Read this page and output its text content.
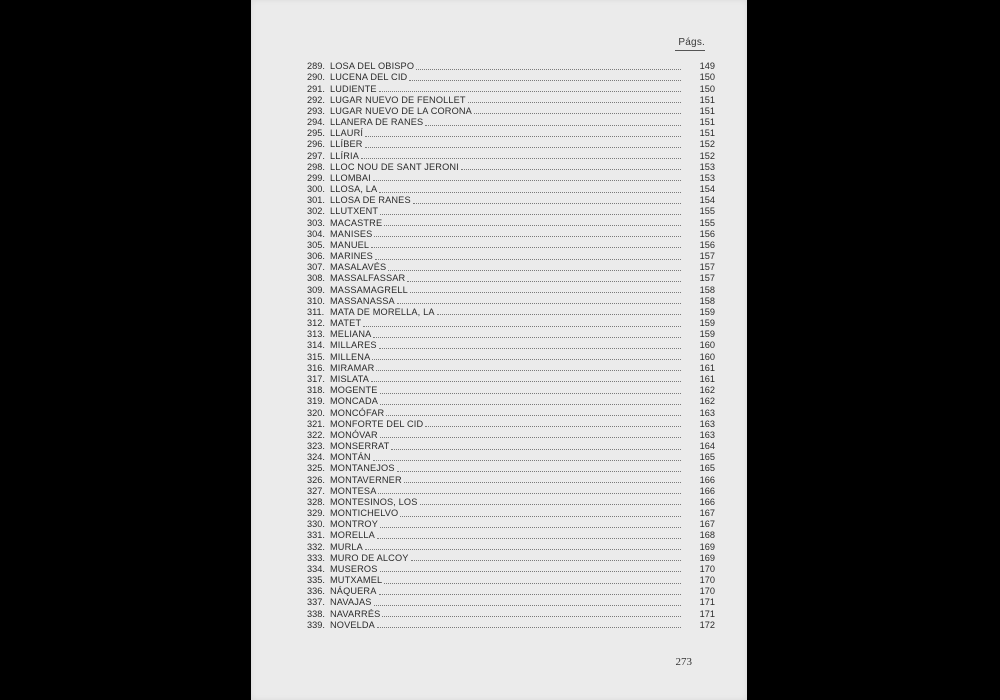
Págs.
289. LOSA DEL OBISPO	149
290. LUCENA DEL CID	150
291. LUDIENTE	150
292. LUGAR NUEVO DE FENOLLET	151
293. LUGAR NUEVO DE LA CORONA	151
294. LLANERA DE RANES	151
295. LLAURÍ	151
296. LLÍBER	152
297. LLÍRIA	152
298. LLOC NOU DE SANT JERONI	153
299. LLOMBAI	153
300. LLOSA, LA	154
301. LLOSA DE RANES	154
302. LLUTXENT	155
303. MACASTRE	155
304. MANISES	156
305. MANUEL	156
306. MARINES	157
307. MASALAVÉS	157
308. MASSALFASSAR	157
309. MASSAMAGRELL	158
310. MASSANASSA	158
311. MATA DE MORELLA, LA	159
312. MATET	159
313. MELIANA	159
314. MILLARES	160
315. MILLENA	160
316. MIRAMAR	161
317. MISLATA	161
318. MOGENTE	162
319. MONCADA	162
320. MONCÓFAR	163
321. MONFORTE DEL CID	163
322. MONÓVAR	163
323. MONSERRAT	164
324. MONTÁN	165
325. MONTANEJOS	165
326. MONTAVERNER	166
327. MONTESA	166
328. MONTESINOS, LOS	166
329. MONTICHELVO	167
330. MONTROY	167
331. MORELLA	168
332. MURLA	169
333. MURO DE ALCOY	169
334. MUSEROS	170
335. MUTXAMEL	170
336. NÁQUERA	170
337. NAVAJAS	171
338. NAVARRÉS	171
339. NOVELDA	172
273
